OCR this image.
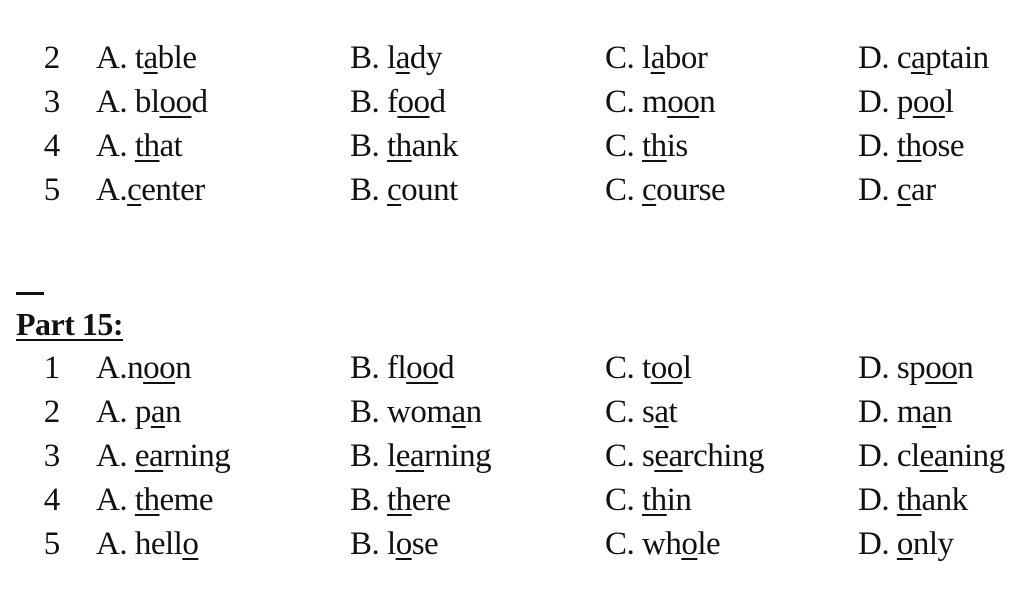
2 A. table	B. lady	C. labor	D. captain
3 A. blood	B. food	C. moon	D. pool
4 A. that	B. thank	C. this	D. those
5 A.center	B. count	C. course	D. car
Part 15:
1 A.noon	B. flood	C. tool	D. spoon
2 A. pan	B. woman	C. sat	D. man
3 A. earning	B. learning	C. searching	D. cleaning
4 A. theme	B. there	C. thin	D. thank
5 A. hello	B. lose	C. whole	D. only
